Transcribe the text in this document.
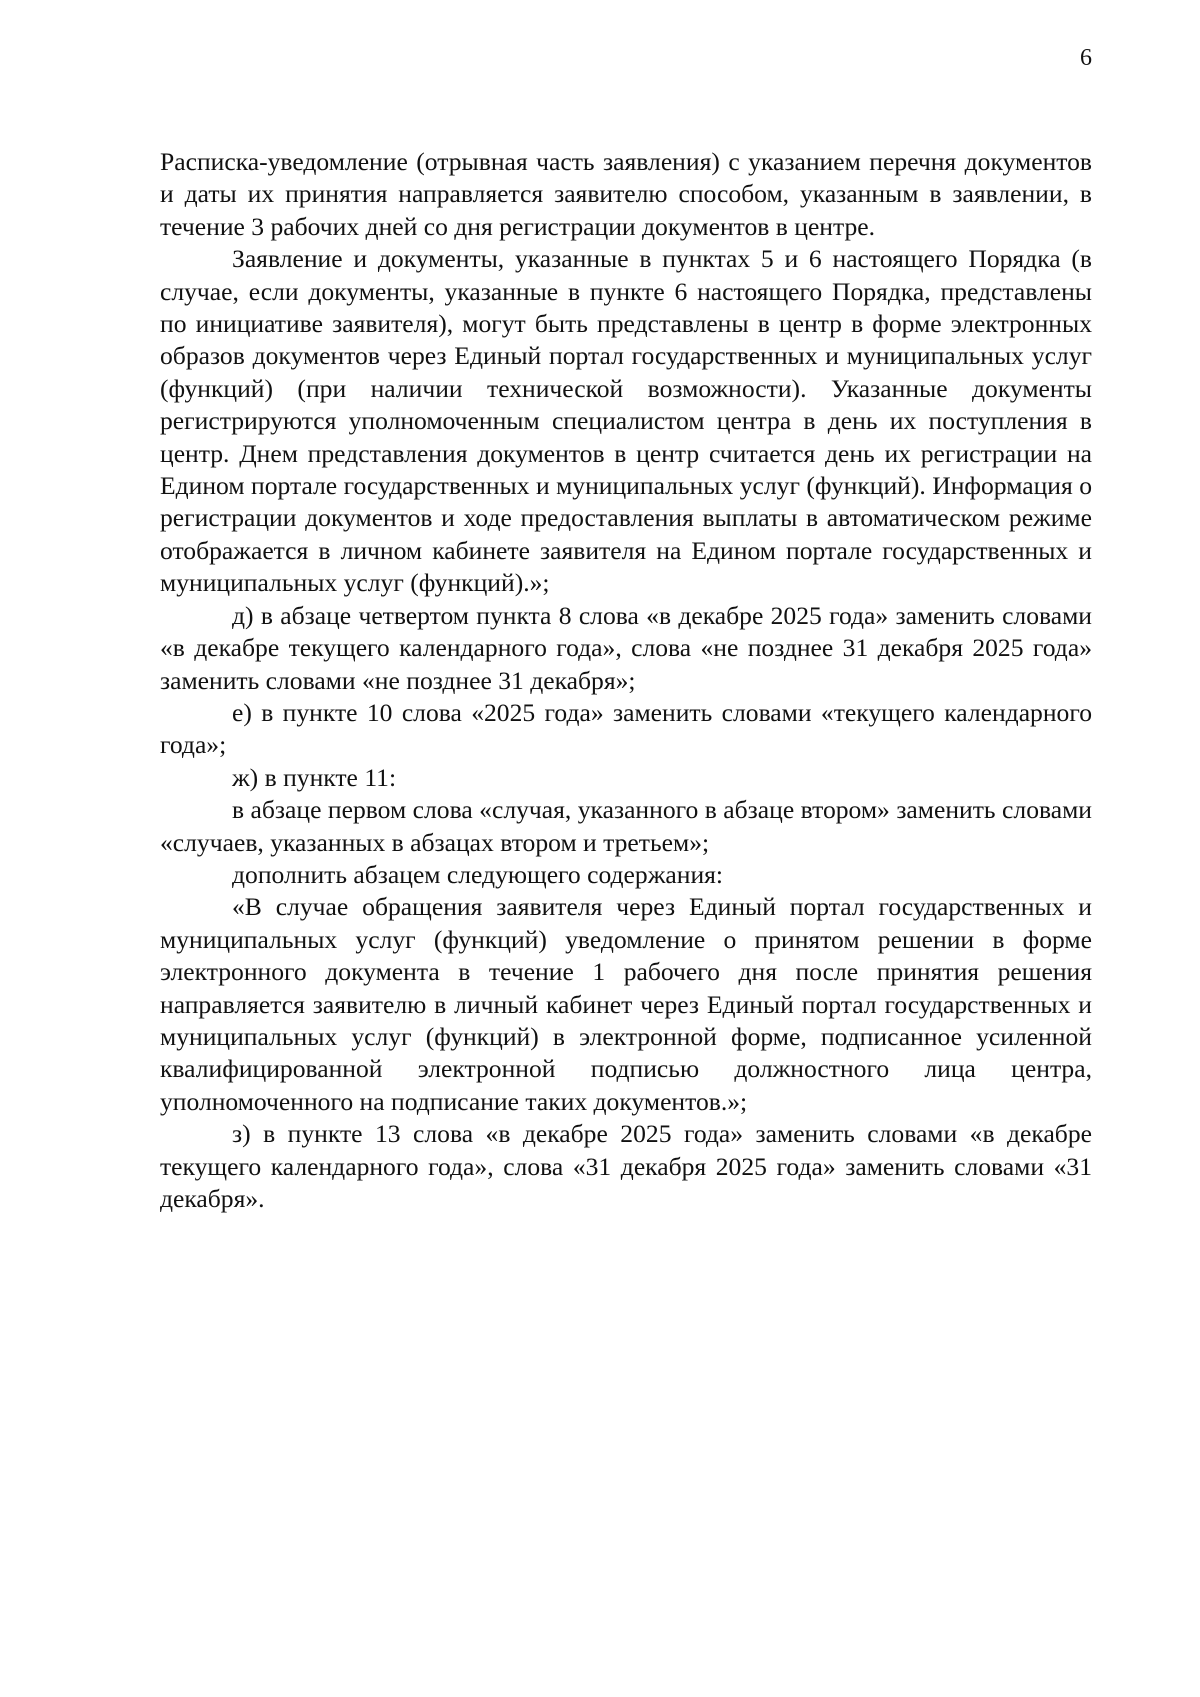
6

Расписка-уведомление (отрывная часть заявления) с указанием перечня документов и даты их принятия направляется заявителю способом, указанным в заявлении, в течение 3 рабочих дней со дня регистрации документов в центре.

Заявление и документы, указанные в пунктах 5 и 6 настоящего Порядка (в случае, если документы, указанные в пункте 6 настоящего Порядка, представлены по инициативе заявителя), могут быть представлены в центр в форме электронных образов документов через Единый портал государственных и муниципальных услуг (функций) (при наличии технической возможности). Указанные документы регистрируются уполномоченным специалистом центра в день их поступления в центр. Днем представления документов в центр считается день их регистрации на Едином портале государственных и муниципальных услуг (функций). Информация о регистрации документов и ходе предоставления выплаты в автоматическом режиме отображается в личном кабинете заявителя на Едином портале государственных и муниципальных услуг (функций).»;

д) в абзаце четвертом пункта 8 слова «в декабре 2025 года» заменить словами «в декабре текущего календарного года», слова «не позднее 31 декабря 2025 года» заменить словами «не позднее 31 декабря»;

е) в пункте 10 слова «2025 года» заменить словами «текущего календарного года»;

ж) в пункте 11:

в абзаце первом слова «случая, указанного в абзаце втором» заменить словами «случаев, указанных в абзацах втором и третьем»;

дополнить абзацем следующего содержания:

«В случае обращения заявителя через Единый портал государственных и муниципальных услуг (функций) уведомление о принятом решении в форме электронного документа в течение 1 рабочего дня после принятия решения направляется заявителю в личный кабинет через Единый портал государственных и муниципальных услуг (функций) в электронной форме, подписанное усиленной квалифицированной электронной подписью должностного лица центра, уполномоченного на подписание таких документов.»;

з) в пункте 13 слова «в декабре 2025 года» заменить словами «в декабре текущего календарного года», слова «31 декабря 2025 года» заменить словами «31 декабря».
